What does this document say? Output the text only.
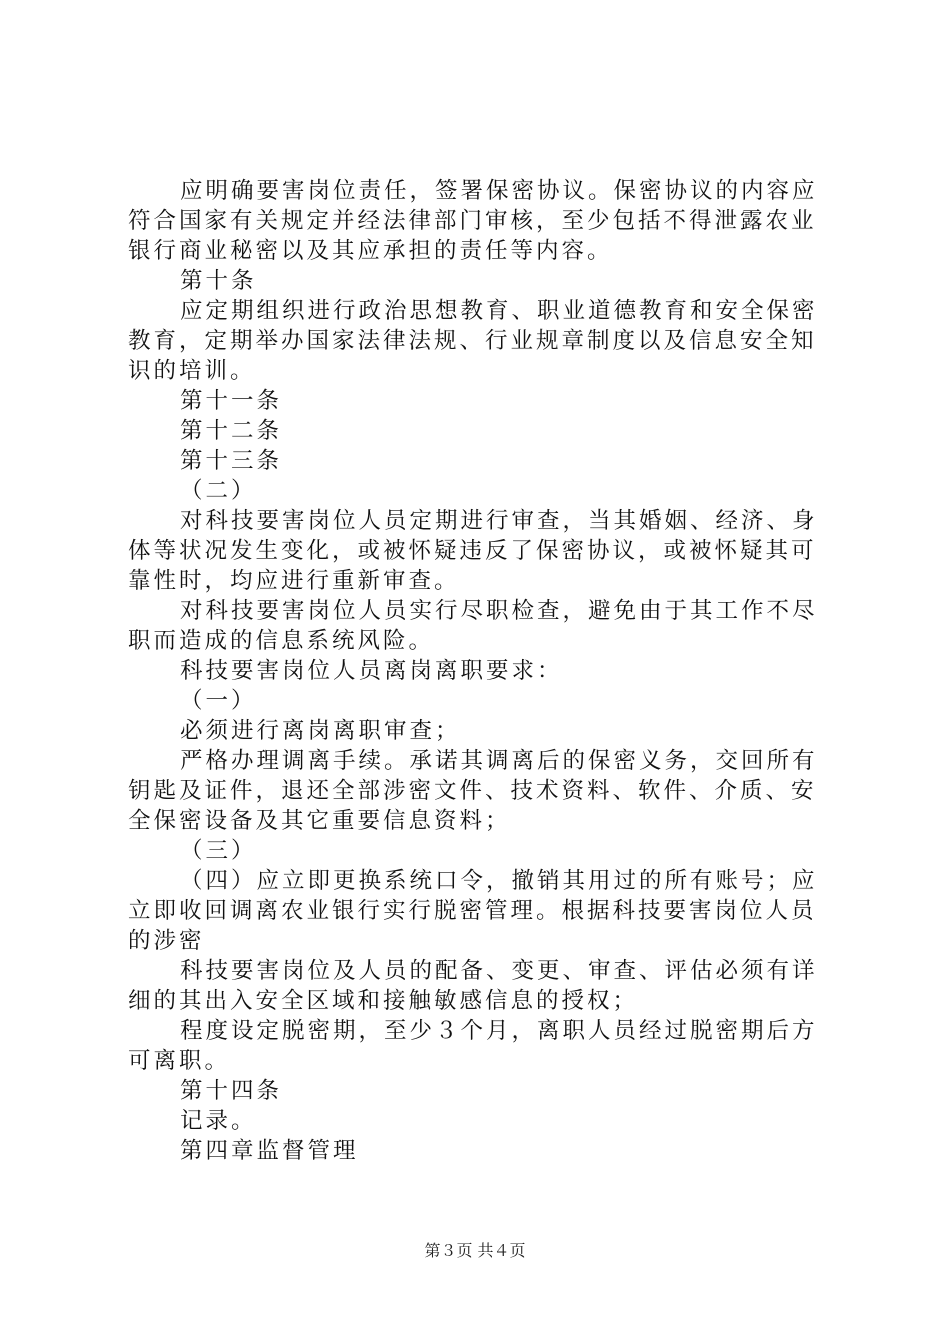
应明确要害岗位责任，签署保密协议。保密协议的内容应
符合国家有关规定并经法律部门审核，至少包括不得泄露农业
银行商业秘密以及其应承担的责任等内容。
第十条
应定期组织进行政治思想教育、职业道德教育和安全保密
教育，定期举办国家法律法规、行业规章制度以及信息安全知
识的培训。
第十一条
第十二条
第十三条
（二）
对科技要害岗位人员定期进行审查，当其婚姻、经济、身
体等状况发生变化，或被怀疑违反了保密协议，或被怀疑其可
靠性时，均应进行重新审查。
对科技要害岗位人员实行尽职检查，避免由于其工作不尽
职而造成的信息系统风险。
科技要害岗位人员离岗离职要求：
（一）
必须进行离岗离职审查；
严格办理调离手续。承诺其调离后的保密义务，交回所有
钥匙及证件，退还全部涉密文件、技术资料、软件、介质、安
全保密设备及其它重要信息资料；
（三）
（四）应立即更换系统口令，撤销其用过的所有账号；应
立即收回调离农业银行实行脱密管理。根据科技要害岗位人员
的涉密
科技要害岗位及人员的配备、变更、审查、评估必须有详
细的其出入安全区域和接触敏感信息的授权；
程度设定脱密期，至少３个月，离职人员经过脱密期后方
可离职。
第十四条
记录。
第四章监督管理
第３页 共４页
